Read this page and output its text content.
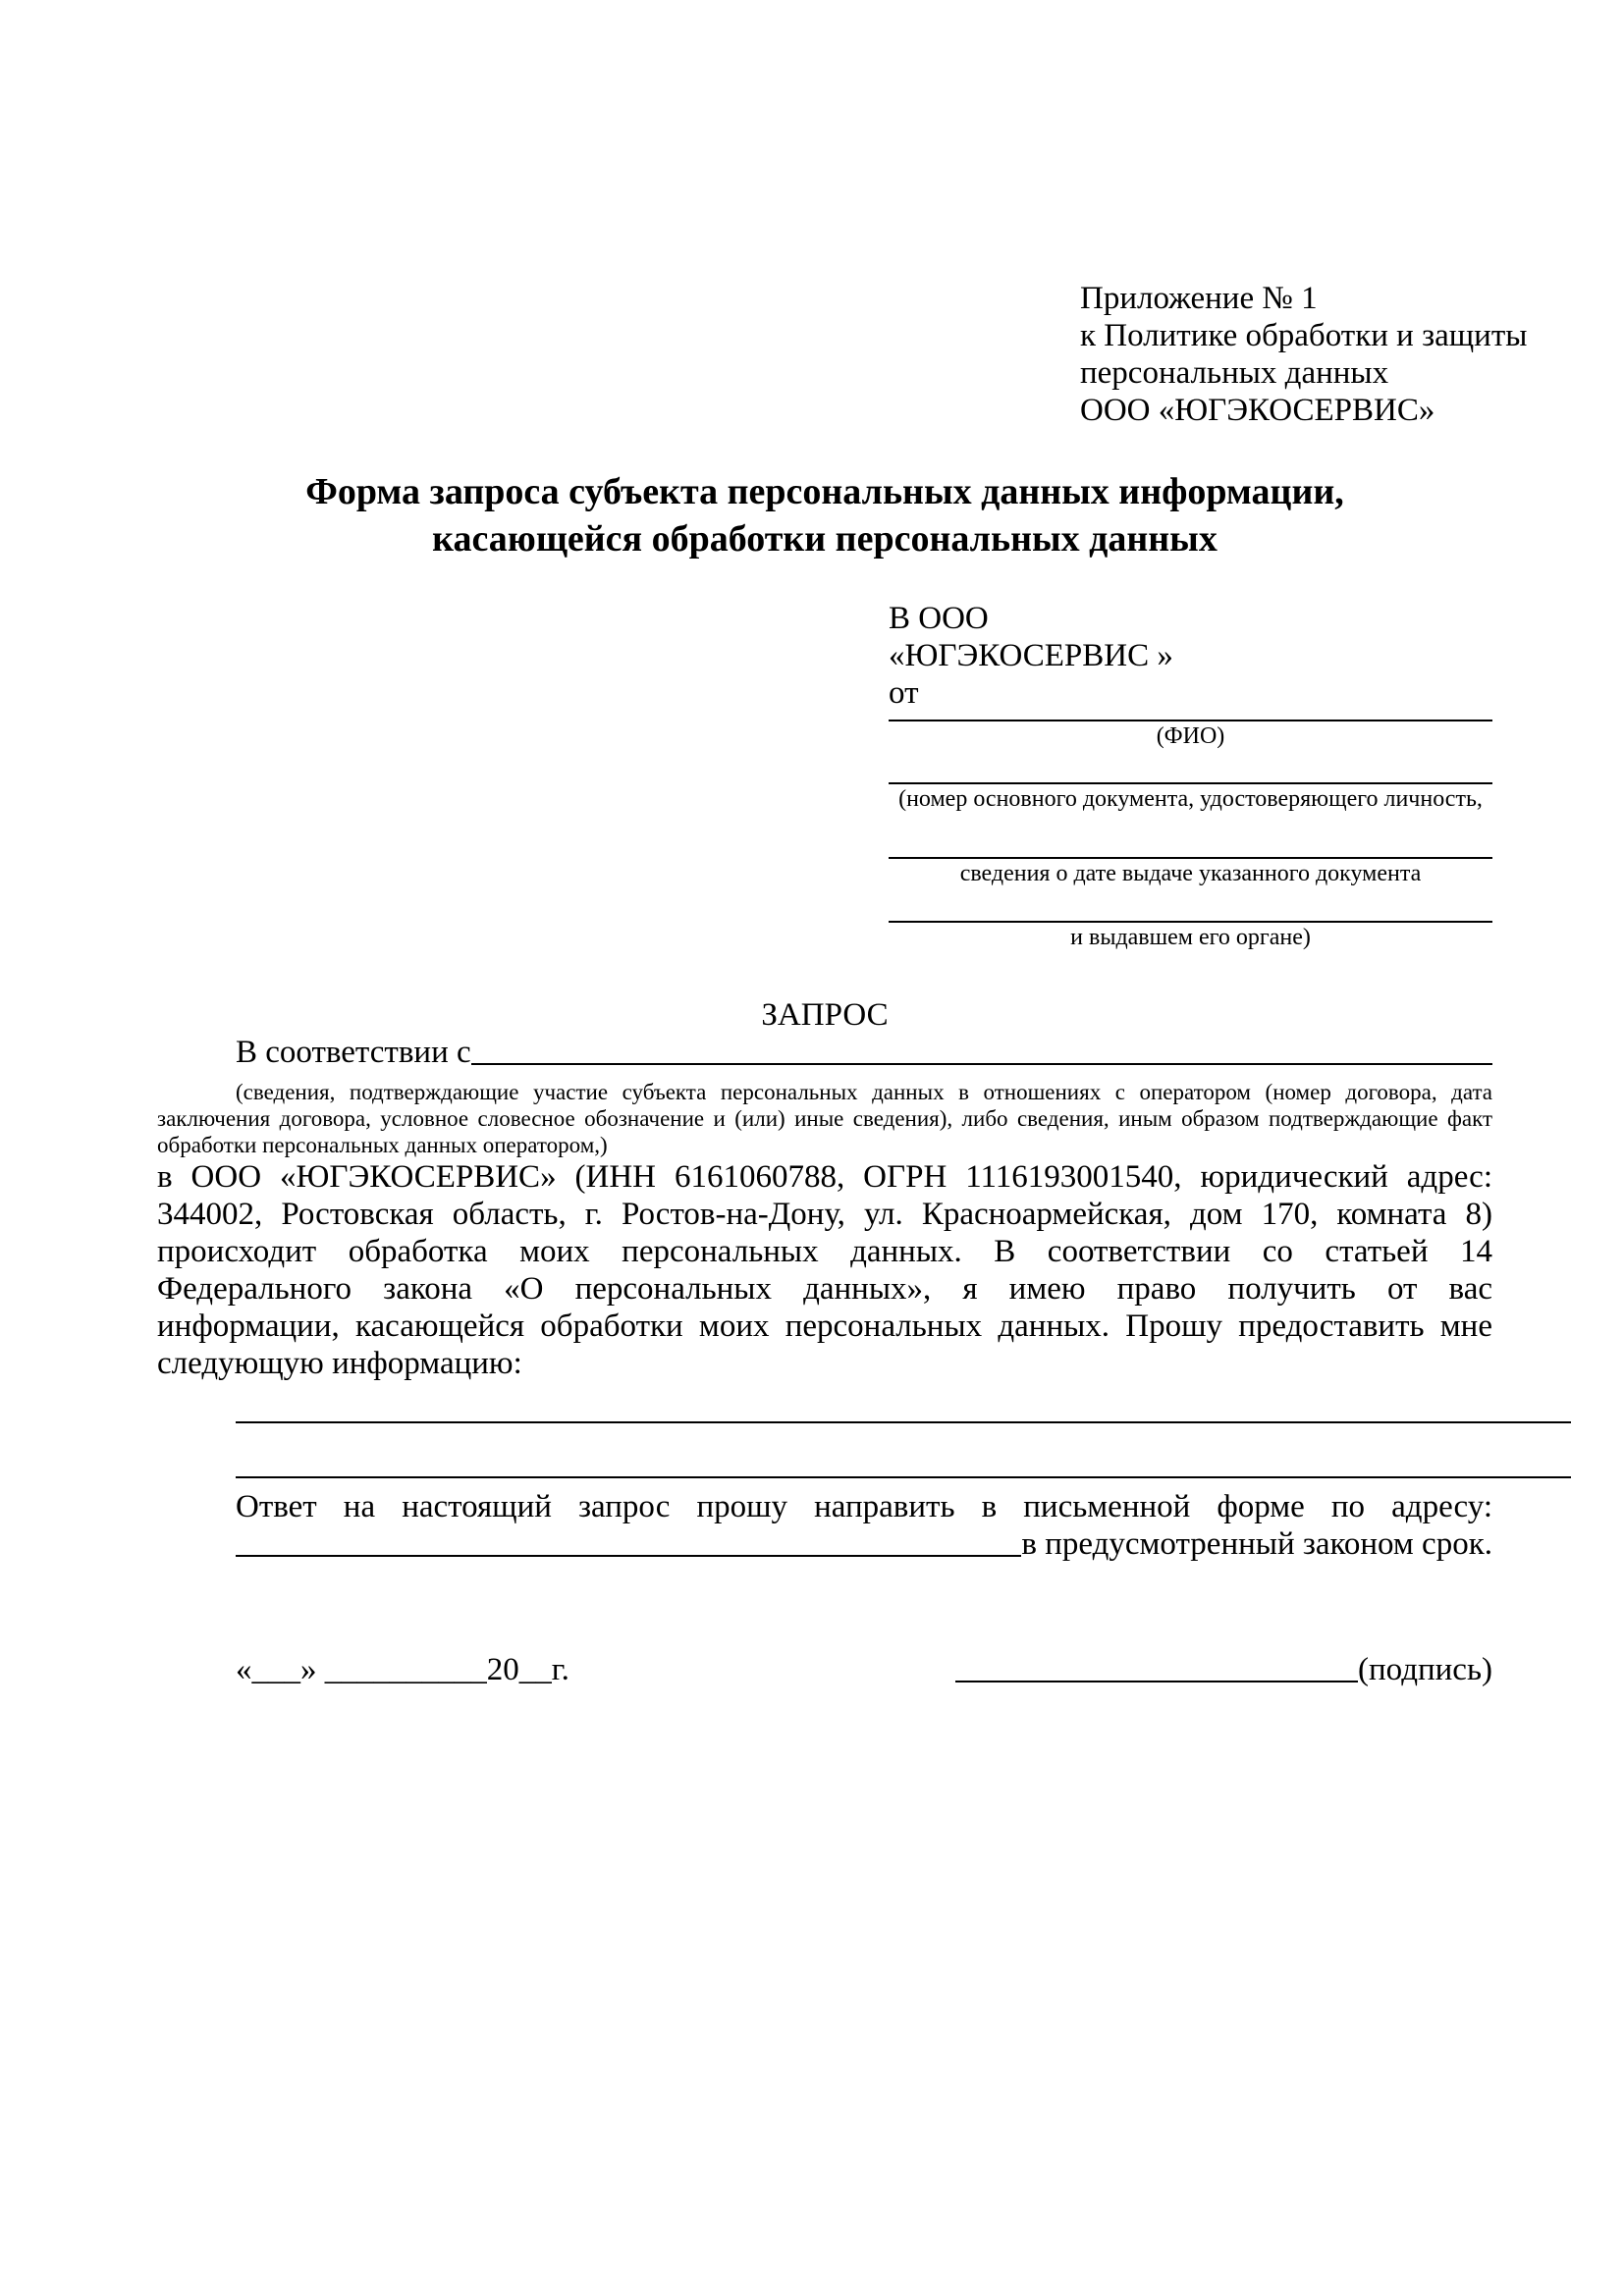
Приложение № 1
к Политике обработки и защиты
персональных данных
ООО «ЮГЭКОСЕРВИС»
Форма запроса субъекта персональных данных информации,
касающейся обработки персональных данных
В ООО
«ЮГЭКОСЕРВИС »
от
(ФИО)
(номер основного документа, удостоверяющего личность,
сведения о дате выдаче указанного документа
и выдавшем его органе)
ЗАПРОС
В соответствии с
(сведения, подтверждающие участие субъекта персональных данных в отношениях с оператором (номер договора, дата
заключения договора, условное словесное обозначение и (или) иные сведения), либо сведения, иным образом подтверждающие факт
обработки персональных данных оператором,)
в ООО «ЮГЭКОСЕРВИС» (ИНН 6161060788, ОГРН 1116193001540, юридический адрес:
344002, Ростовская область, г. Ростов-на-Дону, ул. Красноармейская, дом 170, комната 8)
происходит обработка моих персональных данных. В соответствии со статьей 14
Федерального закона «О персональных данных», я имею право получить от вас
информации, касающейся обработки моих персональных данных. Прошу предоставить мне
следующую информацию:
Ответ на настоящий запрос прошу направить в письменной форме по адресу:
в предусмотренный законом срок.
«___» __________20__г.	(подпись)
